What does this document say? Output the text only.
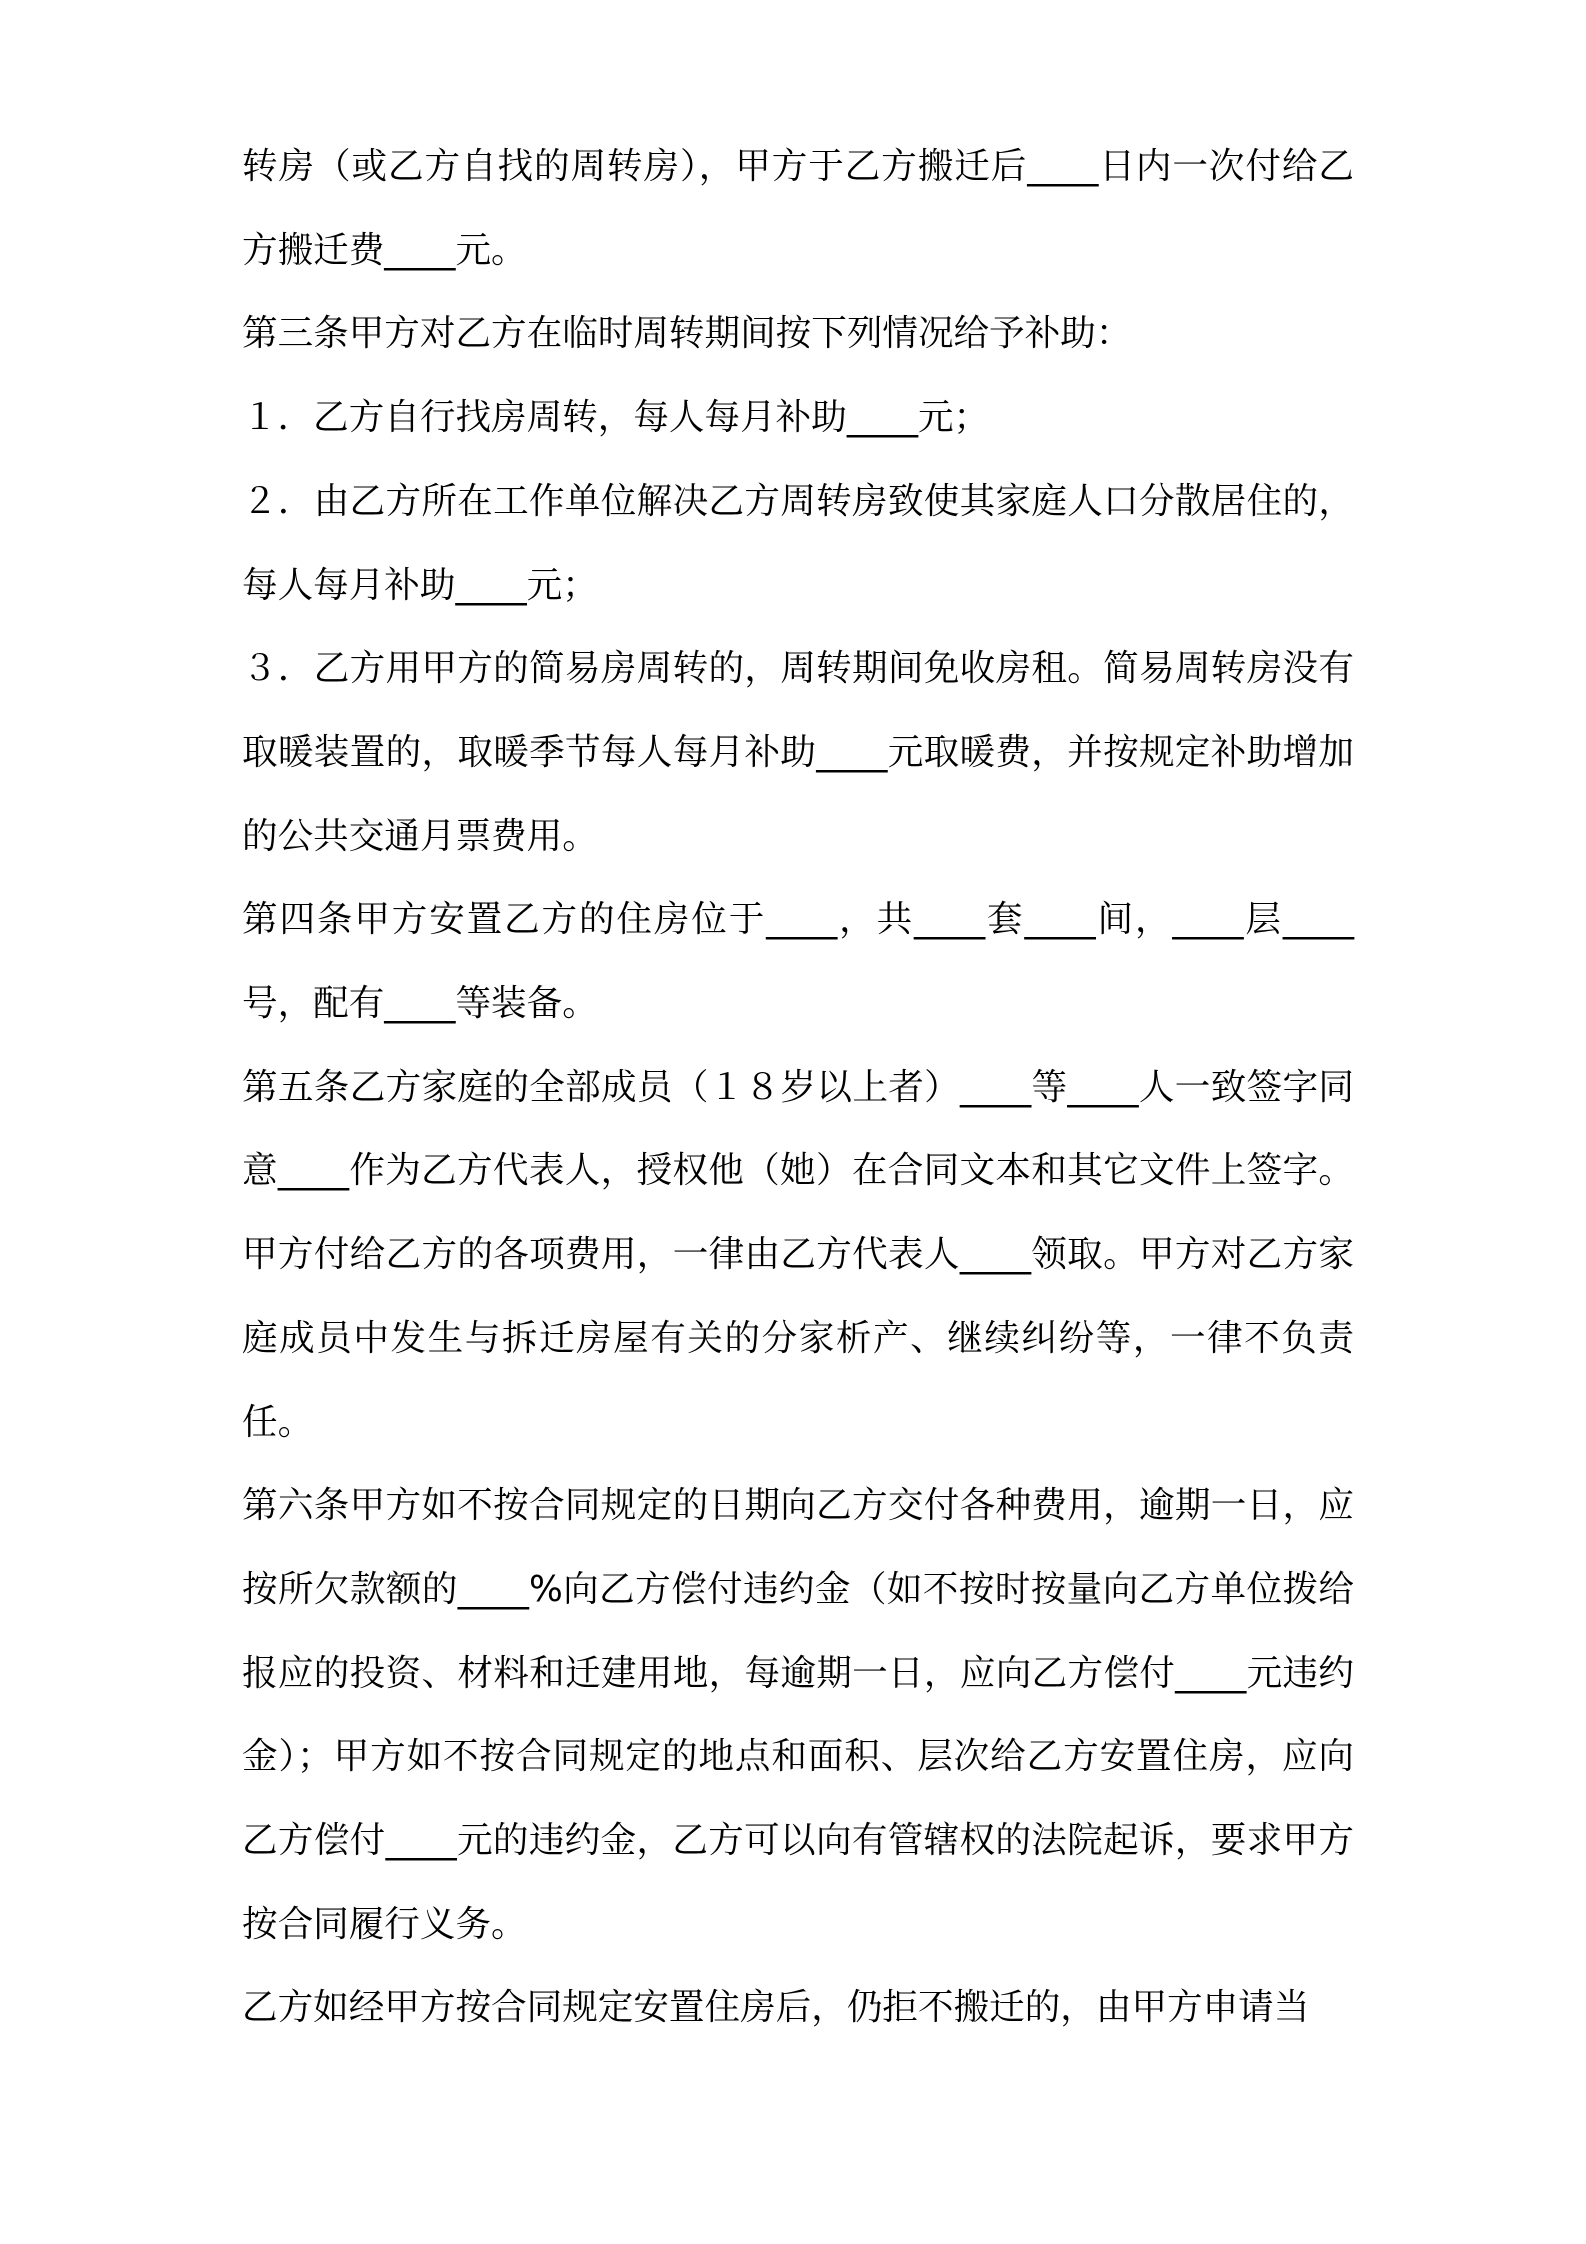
转房（或乙方自找的周转房），甲方于乙方搬迁后____日内一次付给乙方搬迁费____元。

第三条甲方对乙方在临时周转期间按下列情况给予补助：

１．乙方自行找房周转，每人每月补助____元；

２．由乙方所在工作单位解决乙方周转房致使其家庭人口分散居住的，每人每月补助____元；

３．乙方用甲方的简易房周转的，周转期间免收房租。简易周转房没有取暖装置的，取暖季节每人每月补助____元取暖费，并按规定补助增加的公共交通月票费用。

第四条甲方安置乙方的住房位于____，共____套____间，____层____号，配有____等装备。

第五条乙方家庭的全部成员（１８岁以上者）____等____人一致签字同意____作为乙方代表人，授权他（她）在合同文本和其它文件上签字。甲方付给乙方的各项费用，一律由乙方代表人____领取。甲方对乙方家庭成员中发生与拆迁房屋有关的分家析产、继续纠纷等，一律不负责任。

第六条甲方如不按合同规定的日期向乙方交付各种费用，逾期一日，应按所欠款额的____%向乙方偿付违约金（如不按时按量向乙方单位拨给报应的投资、材料和迁建用地，每逾期一日，应向乙方偿付____元违约金）；甲方如不按合同规定的地点和面积、层次给乙方安置住房，应向乙方偿付____元的违约金，乙方可以向有管辖权的法院起诉，要求甲方按合同履行义务。

乙方如经甲方按合同规定安置住房后，仍拒不搬迁的，由甲方申请当
